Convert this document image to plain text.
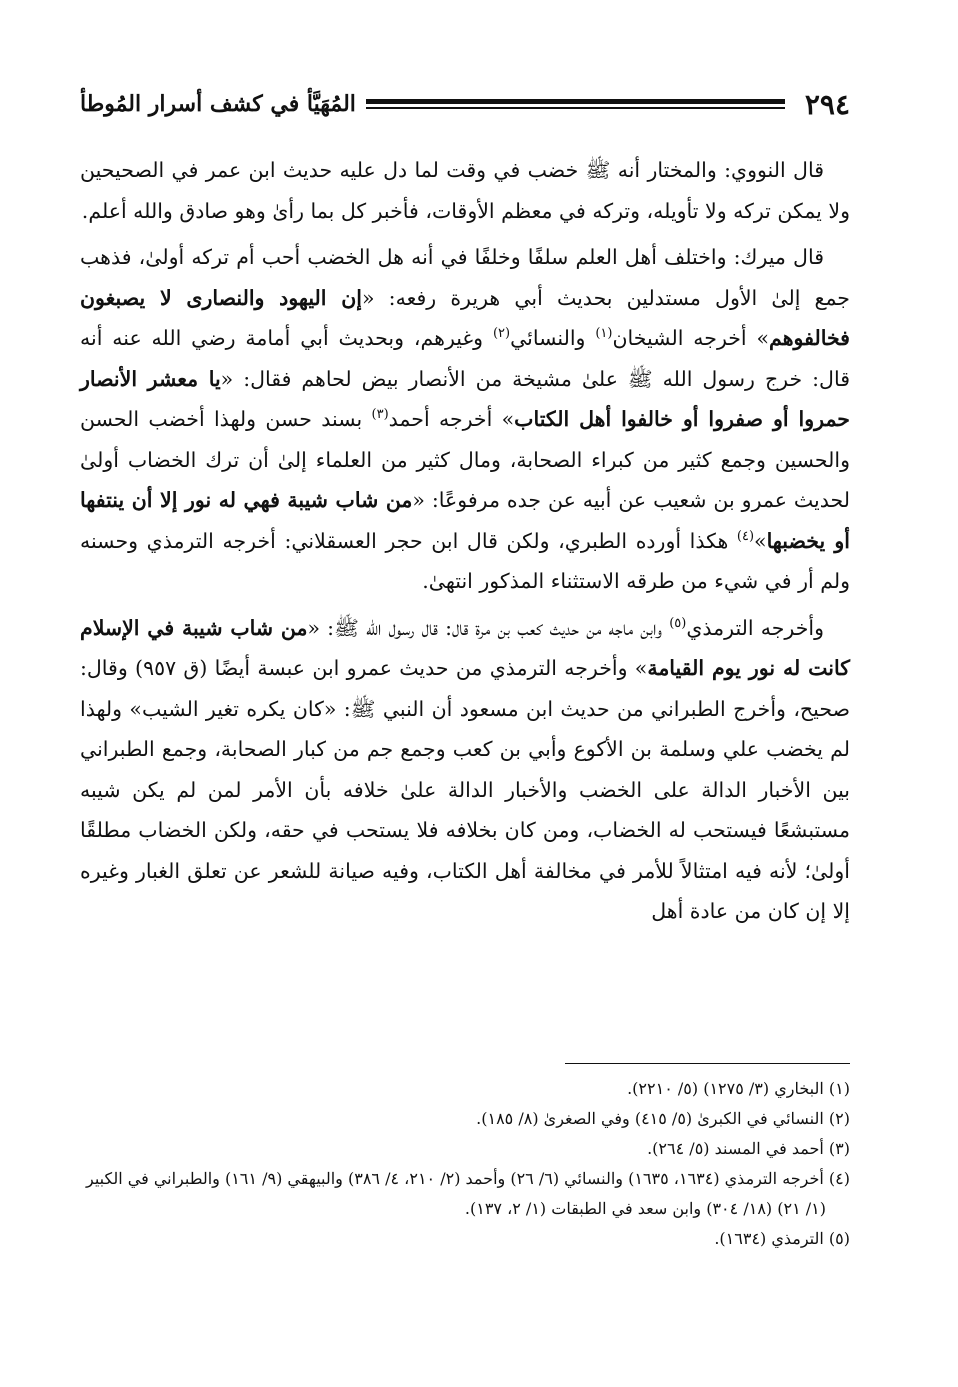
٢٩٤
المُهَيَّأ في كشف أسرار المُوطأ

قال النووي: والمختار أنه ﷺ خضب في وقت لما دل عليه حديث ابن عمر في الصحيحين ولا يمكن تركه ولا تأويله، وتركه في معظم الأوقات، فأخبر كل بما رأىٰ وهو صادق والله أعلم.

قال ميرك: واختلف أهل العلم سلفًا وخلفًا في أنه هل الخضب أحب أم تركه أولىٰ، فذهب جمع إلىٰ الأول مستدلين بحديث أبي هريرة رفعه: «إن اليهود والنصارى لا يصبغون فخالفوهم» أخرجه الشيخان$^{(١)}$ والنسائي$^{(٢)}$ وغيرهم، وبحديث أبي أمامة رضي الله عنه أنه قال: خرج رسول الله ﷺ علىٰ مشيخة من الأنصار بيض لحاهم فقال: «يا معشر الأنصار حمروا أو صفروا أو خالفوا أهل الكتاب» أخرجه أحمد$^{(٣)}$ بسند حسن ولهذا أخضب الحسن والحسين وجمع كثير من كبراء الصحابة، ومال كثير من العلماء إلىٰ أن ترك الخضاب أولىٰ لحديث عمرو بن شعيب عن أبيه عن جده مرفوعًا: «من شاب شيبة فهي له نور إلا أن ينتفها أو يخضبها»$^{(٤)}$ هكذا أورده الطبري، ولكن قال ابن حجر العسقلاني: أخرجه الترمذي وحسنه ولم أر في شيء من طرقه الاستثناء المذكور انتهىٰ.

وأخرجه الترمذي$^{(٥)}$ وابن ماجه من حديث كعب بن مرة قال: قال رسول الله ﷺ: «من شاب شيبة في الإسلام كانت له نور يوم القيامة» وأخرجه الترمذي من حديث عمرو ابن عبسة أيضًا (ق ٩٥٧) وقال: صحيح، وأخرج الطبراني من حديث ابن مسعود أن النبي ﷺ: «كان يكره تغير الشيب» ولهذا لم يخضب علي وسلمة بن الأكوع وأبي بن كعب وجمع جم من كبار الصحابة، وجمع الطبراني بين الأخبار الدالة على الخضب والأخبار الدالة علىٰ خلافه بأن الأمر لمن لم يكن شيبه مستبشعًا فيستحب له الخضاب، ومن كان بخلافه فلا يستحب في حقه، ولكن الخضاب مطلقًا أولىٰ؛ لأنه فيه امتثالاً للأمر في مخالفة أهل الكتاب، وفيه صيانة للشعر عن تعلق الغبار وغيره إلا إن كان من عادة أهل

(١) البخاري (٣/ ١٢٧٥) (٥/ ٢٢١٠).

(٢) النسائي في الكبرىٰ (٥/ ٤١٥) وفي الصغرىٰ (٨/ ١٨٥).

(٣) أحمد في المسند (٥/ ٢٦٤).

(٤) أخرجه الترمذي (١٦٣٤، ١٦٣٥) والنسائي (٦/ ٢٦) وأحمد (٢/ ٢١٠، ٤/ ٣٨٦) والبيهقي (٩/ ١٦١) والطبراني في الكبير (١/ ٢١) (١٨/ ٣٠٤) وابن سعد في الطبقات (١/ ٢، ١٣٧).

(٥) الترمذي (١٦٣٤).
